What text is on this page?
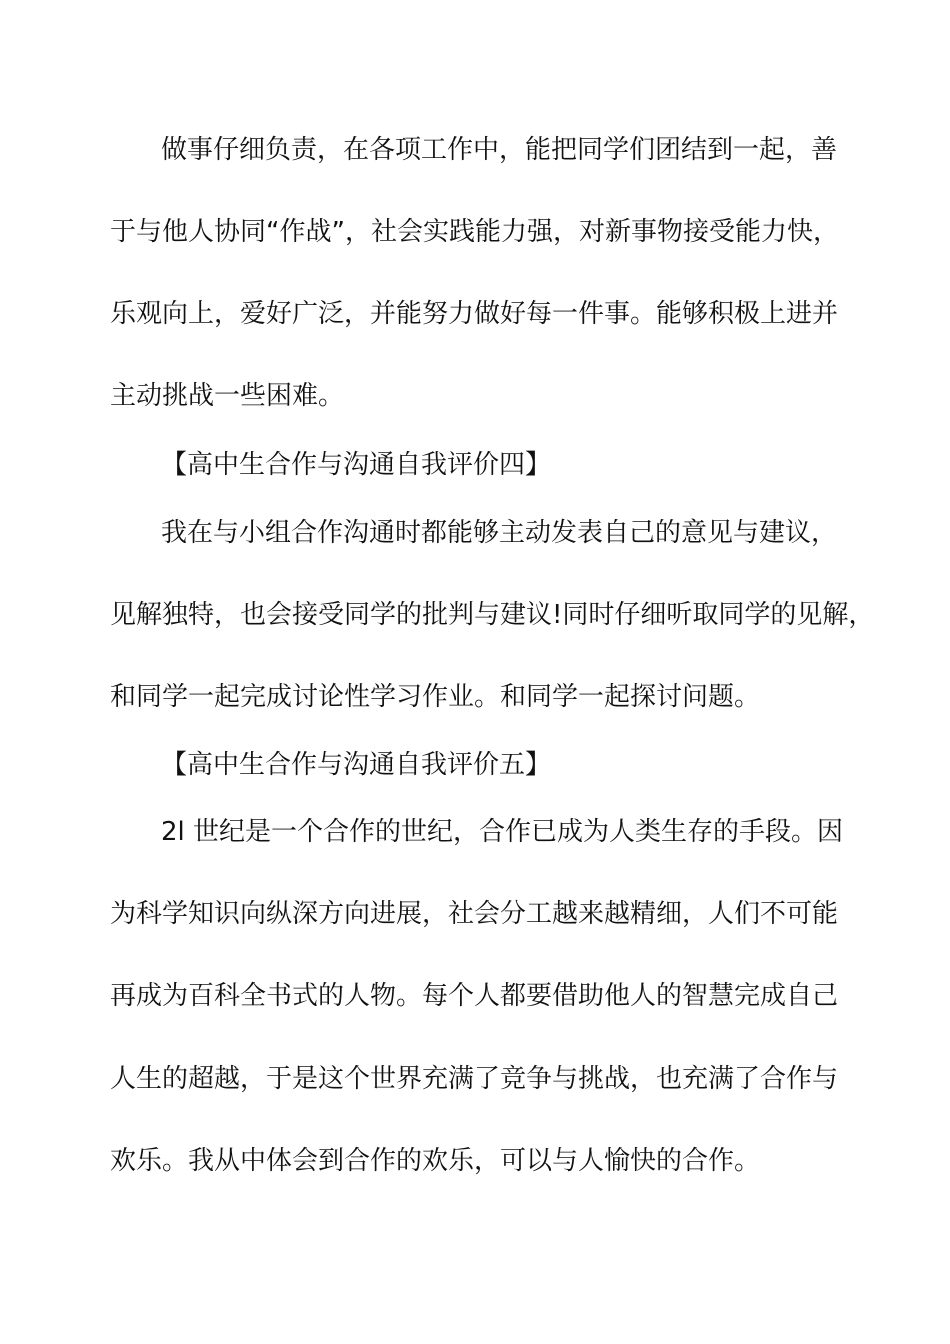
做事仔细负责，在各项工作中，能把同学们团结到一起，善
于与他人协同“作战”，社会实践能力强，对新事物接受能力快，
乐观向上，爱好广泛，并能努力做好每一件事。能够积极上进并
主动挑战一些困难。
【高中生合作与沟通自我评价四】
我在与小组合作沟通时都能够主动发表自己的意见与建议，
见解独特，也会接受同学的批判与建议!同时仔细听取同学的见解，
和同学一起完成讨论性学习作业。和同学一起探讨问题。
【高中生合作与沟通自我评价五】
2l 世纪是一个合作的世纪，合作已成为人类生存的手段。因
为科学知识向纵深方向进展，社会分工越来越精细，人们不可能
再成为百科全书式的人物。每个人都要借助他人的智慧完成自己
人生的超越，于是这个世界充满了竞争与挑战，也充满了合作与
欢乐。我从中体会到合作的欢乐，可以与人愉快的合作。
